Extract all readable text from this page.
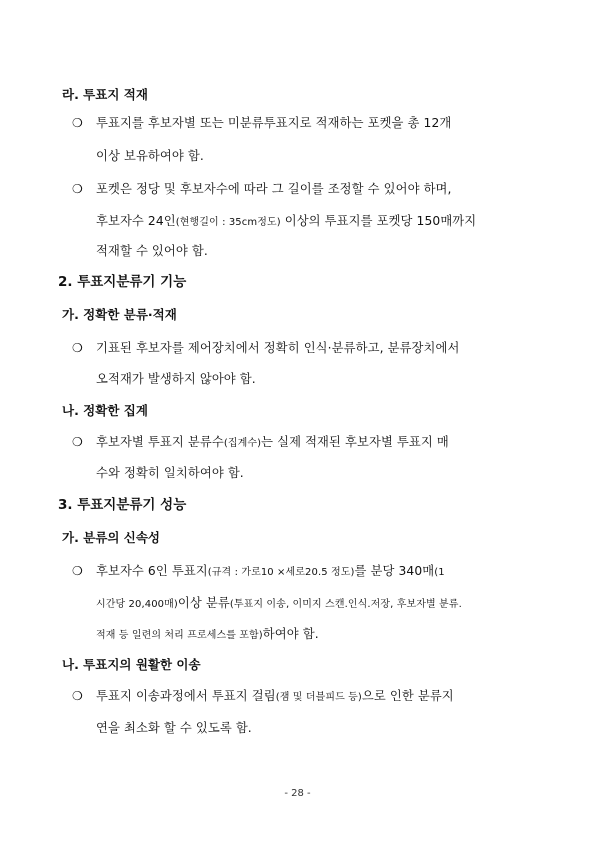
라. 투표지 적재
❍ 투표지를 후보자별 또는 미분류투표지로 적재하는 포켓을 총 12개
이상 보유하여야 함.
❍ 포켓은 정당 및 후보자수에 따라 그 길이를 조정할 수 있어야 하며,
후보자수 24인(현행길이 : 35cm정도) 이상의 투표지를 포켓당 150매까지
적재할 수 있어야 함.
2. 투표지분류기 기능
가. 정확한 분류·적재
❍ 기표된 후보자를 제어장치에서 정확히 인식·분류하고, 분류장치에서
오적재가 발생하지 않아야 함.
나. 정확한 집계
❍ 후보자별 투표지 분류수(집계수)는 실제 적재된 후보자별 투표지 매
수와 정확히 일치하여야 함.
3. 투표지분류기 성능
가. 분류의 신속성
❍ 후보자수 6인 투표지(규격 : 가로10 ×세로20.5 정도)를 분당 340매(1
시간당 20,400매)이상 분류(투표지 이송, 이미지 스캔.인식.저장, 후보자별 분류.
적재 등 일련의 처리 프로세스를 포함)하여야 함.
나. 투표지의 원활한 이송
❍ 투표지 이송과정에서 투표지 걸림(잼 및 더블피드 등)으로 인한 분류지
연을 최소화 할 수 있도록 함.
- 28 -
